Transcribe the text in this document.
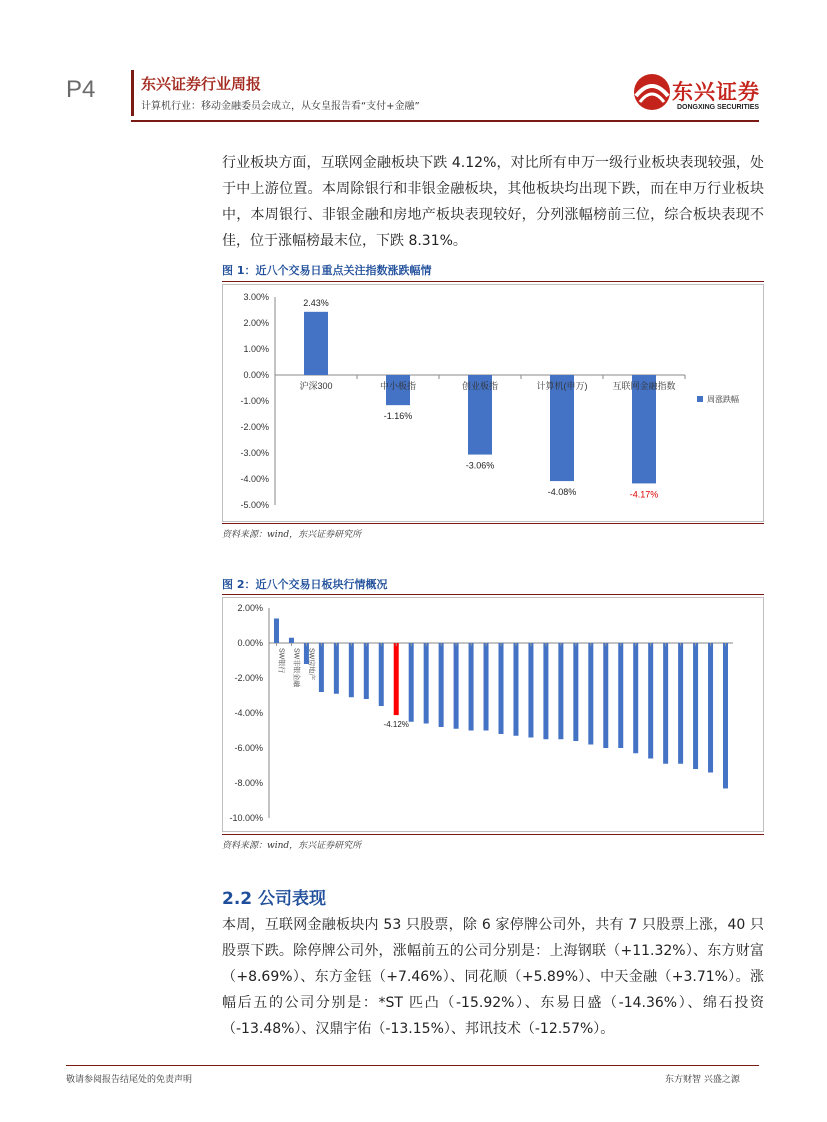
P4	东兴证券行业周报
计算机行业：移动金融委员会成立，从女皇报告看“支付+金融”
东兴证券
DONGXING SECURITIES
行业板块方面，互联网金融板块下跌 4.12%，对比所有申万一级行业板块表现较强，处于中上游位置。本周除银行和非银金融板块，其他板块均出现下跌，而在申万行业板块中，本周银行、非银金融和房地产板块表现较好，分列涨幅榜前三位，综合板块表现不佳，位于涨幅榜最末位，下跌 8.31%。
图 1：近八个交易日重点关注指数涨跌幅情
3.00%
2.00%
1.00%
0.00%
-1.00%
-2.00%
-3.00%
-4.00%
-5.00%
沪深300
2.43%
中小板指
-1.16%
创业板指
-3.06%
计算机(申万)
-4.08%
互联网金融指数
-4.17%
周涨跌幅
资料来源：wind，东兴证券研究所
图 2：近八个交易日板块行情概况
2.00%
0.00%
-2.00%
-4.00%
-6.00%
-8.00%
-10.00%
SW银行 SW非银金融 SW房地产
-4.12%
资料来源：wind，东兴证券研究所
2.2 公司表现
本周，互联网金融板块内 53 只股票，除 6 家停牌公司外，共有 7 只股票上涨，40 只股票下跌。除停牌公司外，涨幅前五的公司分别是：上海钢联（+11.32%）、东方财富（+8.69%）、东方金钰（+7.46%）、同花顺（+5.89%）、中天金融（+3.71%）。涨幅后五的公司分别是：*ST 匹凸（-15.92%）、东易日盛（-14.36%）、绵石投资（-13.48%）、汉鼎宇佑（-13.15%）、邦讯技术（-12.57%）。
敬请参阅报告结尾处的免责声明	东方财智 兴盛之源
